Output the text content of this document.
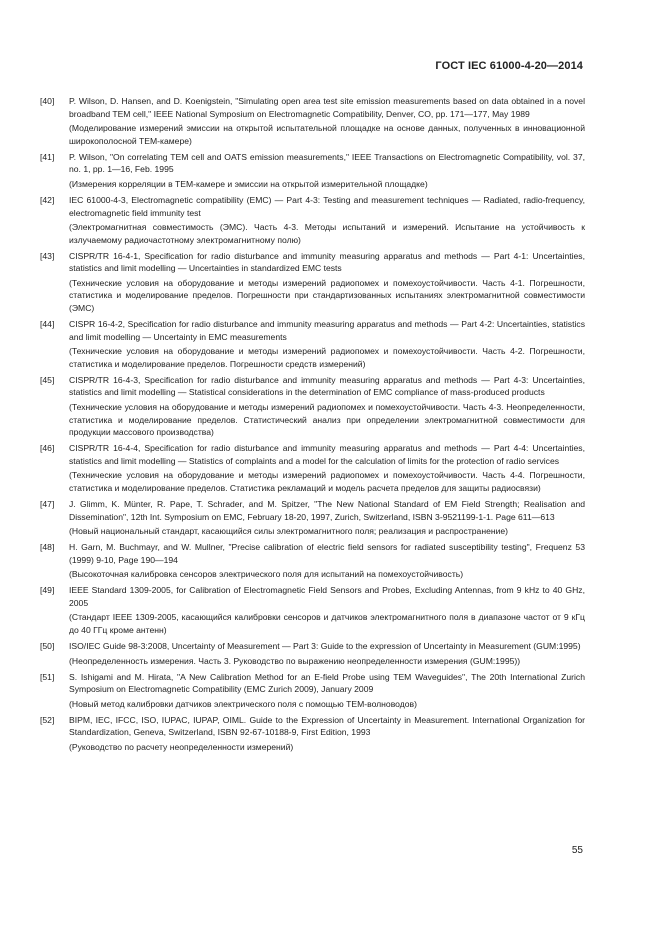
ГОСТ IEC 61000-4-20—2014
[40] P. Wilson, D. Hansen, and D. Koenigstein, "Simulating open area test site emission measurements based on data obtained in a novel broadband TEM cell," IEEE National Symposium on Electromagnetic Compatibility, Denver, CO, pp. 171—177, May 1989
(Моделирование измерений эмиссии на открытой испытательной площадке на основе данных, полученных в инновационной широкополосной ТЕМ-камере)
[41] P. Wilson, "On correlating TEM cell and OATS emission measurements," IEEE Transactions on Electromagnetic Compatibility, vol. 37, no. 1, pp. 1—16, Feb. 1995
(Измерения корреляции в ТЕМ-камере и эмиссии на открытой измерительной площадке)
[42] IEC 61000-4-3, Electromagnetic compatibility (EMC) — Part 4-3: Testing and measurement techniques — Radiated, radio-frequency, electromagnetic field immunity test
(Электромагнитная совместимость (ЭМС). Часть 4-3. Методы испытаний и измерений. Испытание на устойчивость к излучаемому радиочастотному электромагнитному полю)
[43] CISPR/TR 16-4-1, Specification for radio disturbance and immunity measuring apparatus and methods — Part 4-1: Uncertainties, statistics and limit modelling — Uncertainties in standardized EMC tests
(Технические условия на оборудование и методы измерений радиопомех и помехоустойчивости. Часть 4-1. Погрешности, статистика и моделирование пределов. Погрешности при стандартизованных испытаниях электромагнитной совместимости (ЭМС)
[44] CISPR 16-4-2, Specification for radio disturbance and immunity measuring apparatus and methods — Part 4-2: Uncertainties, statistics and limit modelling — Uncertainty in EMC measurements
(Технические условия на оборудование и методы измерений радиопомех и помехоустойчивости. Часть 4-2. Погрешности, статистика и моделирование пределов. Погрешности средств измерений)
[45] CISPR/TR 16-4-3, Specification for radio disturbance and immunity measuring apparatus and methods — Part 4-3: Uncertainties, statistics and limit modelling — Statistical considerations in the determination of EMC compliance of mass-produced products
(Технические условия на оборудование и методы измерений радиопомех и помехоустойчивости. Часть 4-3. Неопределенности, статистика и моделирование пределов. Статистический анализ при определении электромагнитной совместимости для продукции массового производства)
[46] CISPR/TR 16-4-4, Specification for radio disturbance and immunity measuring apparatus and methods — Part 4-4: Uncertainties, statistics and limit modelling — Statistics of complaints and a model for the calculation of limits for the protection of radio services
(Технические условия на оборудование и методы измерений радиопомех и помехоустойчивости. Часть 4-4. Погрешности, статистика и моделирование пределов. Статистика рекламаций и модель расчета пределов для защиты радиосвязи)
[47] J. Glimm, K. Münter, R. Pape, T. Schrader, and M. Spitzer, "The New National Standard of EM Field Strength; Realisation and Dissemination", 12th Int. Symposium on EMC, February 18-20, 1997, Zurich, Switzerland, ISBN 3-9521199-1-1. Page 611—613
(Новый национальный стандарт, касающийся силы электромагнитного поля; реализация и распространение)
[48] H. Garn, M. Buchmayr, and W. Mullner, "Precise calibration of electric field sensors for radiated susceptibility testing", Frequenz 53 (1999) 9-10, Page 190—194
(Высокоточная калибровка сенсоров электрического поля для испытаний на помехоустойчивость)
[49] IEEE Standard 1309-2005, for Calibration of Electromagnetic Field Sensors and Probes, Excluding Antennas, from 9 kHz to 40 GHz, 2005
(Стандарт IEEE 1309-2005, касающийся калибровки сенсоров и датчиков электромагнитного поля в диапазоне частот от 9 кГц до 40 ГГц кроме антенн)
[50] ISO/IEC Guide 98-3:2008, Uncertainty of Measurement — Part 3: Guide to the expression of Uncertainty in Measurement (GUM:1995)
(Неопределенность измерения. Часть 3. Руководство по выражению неопределенности измерения (GUM:1995))
[51] S. Ishigami and M. Hirata, "A New Calibration Method for an E-field Probe using TEM Waveguides", The 20th International Zurich Symposium on Electromagnetic Compatibility (EMC Zurich 2009), January 2009
(Новый метод калибровки датчиков электрического поля с помощью ТЕМ-волноводов)
[52] BIPM, IEC, IFCC, ISO, IUPAC, IUPAP, OIML. Guide to the Expression of Uncertainty in Measurement. International Organization for Standardization, Geneva, Switzerland, ISBN 92-67-10188-9, First Edition, 1993
(Руководство по расчету неопределенности измерений)
55
